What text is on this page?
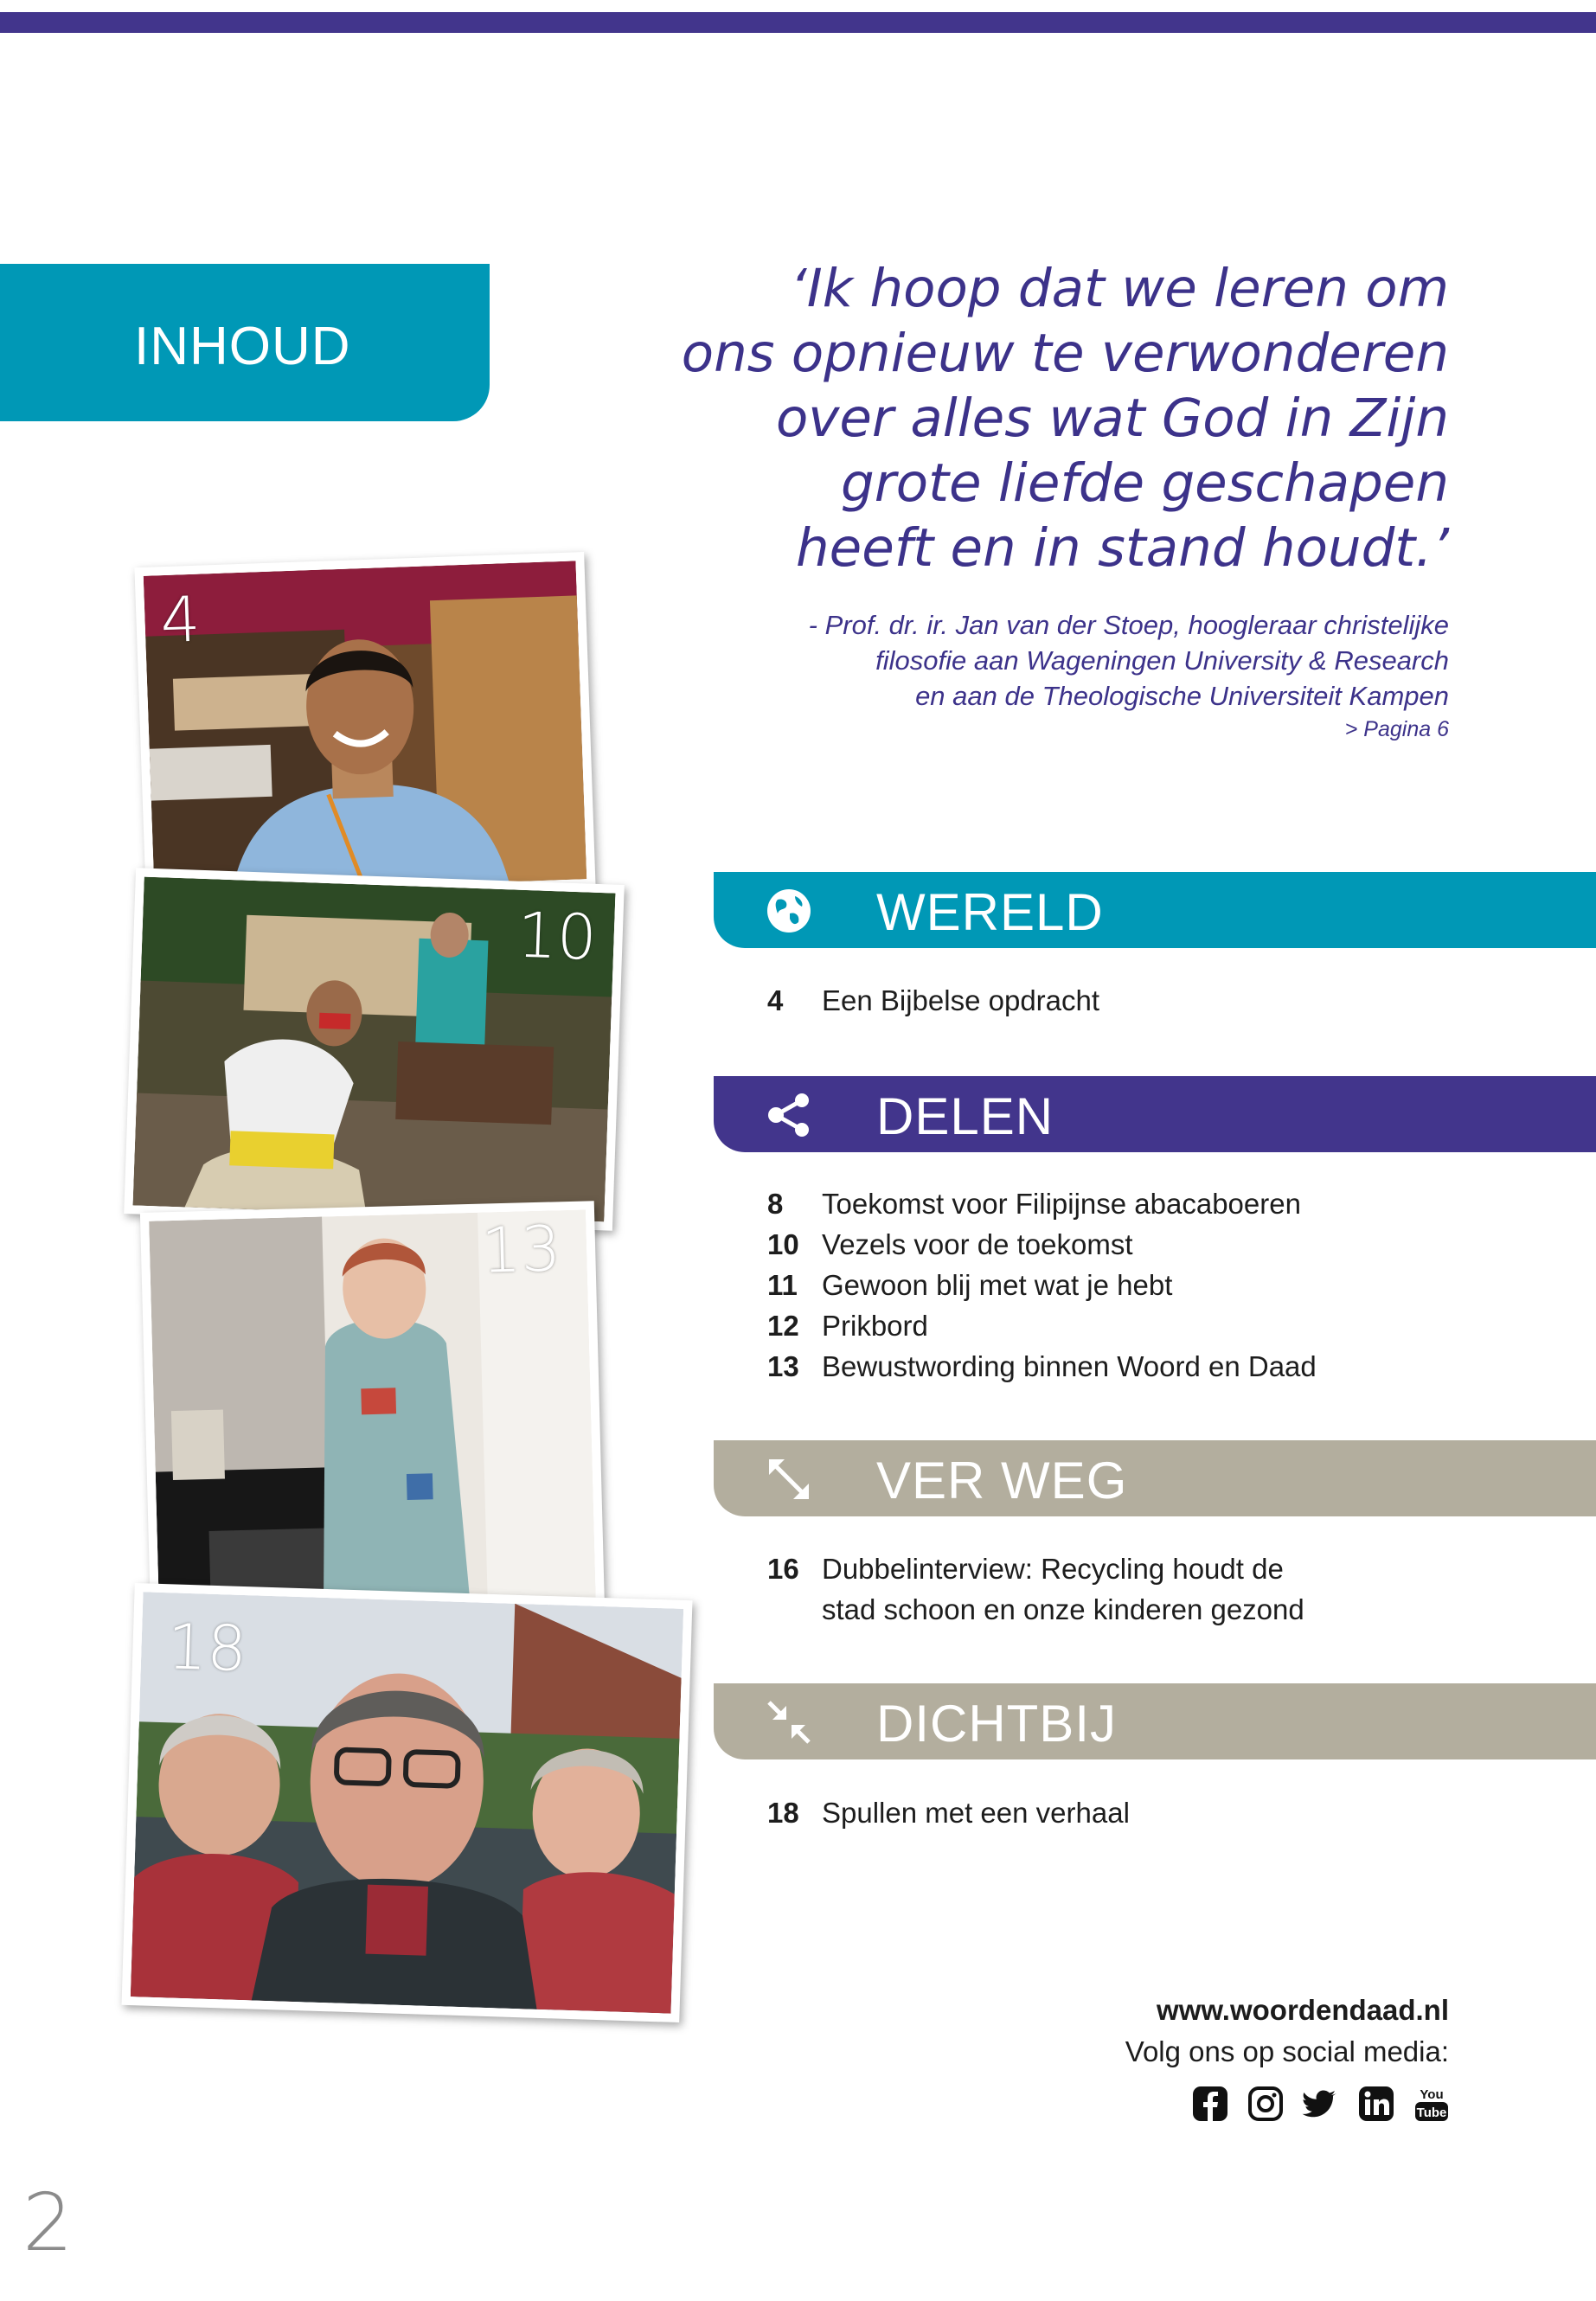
INHOUD
‘Ik hoop dat we leren om
ons opnieuw te verwonderen
over alles wat God in Zijn
grote liefde geschapen
heeft en in stand houdt.’
- Prof. dr. ir. Jan van der Stoep, hoogleraar christelijke
filosofie aan Wageningen University & Research
en aan de Theologische Universiteit Kampen
> Pagina 6
4
10
13
18
WERELD
4	Een Bijbelse opdracht
DELEN
8	Toekomst voor Filipijnse abacaboeren
10 Vezels voor de toekomst
11 Gewoon blij met wat je hebt
12 Prikbord
13 Bewustwording binnen Woord en Daad
VER WEG
16 Dubbelinterview: Recycling houdt de
stad schoon en onze kinderen gezond
DICHTBIJ
18 Spullen met een verhaal
www.woordendaad.nl
Volg ons op social media:
You
Tube
2
